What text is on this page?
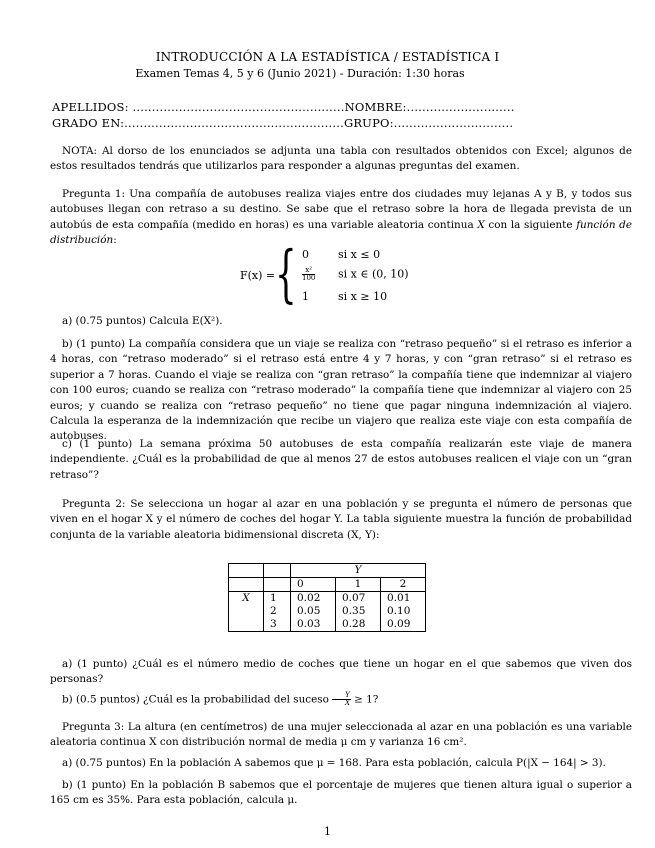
INTRODUCCIÓN A LA ESTADÍSTICA / ESTADÍSTICA I
Examen Temas 4, 5 y 6 (Junio 2021) - Duración: 1:30 horas
APELLIDOS: .......................................................NOMBRE:............................
GRADO EN:.........................................................GRUPO:...............................
NOTA: Al dorso de los enunciados se adjunta una tabla con resultados obtenidos con Excel; algunos de estos resultados tendrás que utilizarlos para responder a algunas preguntas del examen.
Pregunta 1: Una compañía de autobuses realiza viajes entre dos ciudades muy lejanas A y B, y todos sus autobuses llegan con retraso a su destino. Se sabe que el retraso sobre la hora de llegada prevista de un autobús de esta compañía (medido en horas) es una variable aleatoria continua X con la siguiente función de distribución:
F(x) = { 0	si x ≤ 0
$\frac{\text{x²}}{100}$ si x ∈ (0, 10)
1	si x ≥ 10
a) (0.75 puntos) Calcula E(X²).
b) (1 punto) La compañía considera que un viaje se realiza con “retraso pequeño” si el retraso es inferior a 4 horas, con “retraso moderado” si el retraso está entre 4 y 7 horas, y con “gran retraso” si el retraso es superior a 7 horas. Cuando el viaje se realiza con “gran retraso” la compañía tiene que indemnizar al viajero con 100 euros; cuando se realiza con “retraso moderado” la compañía tiene que indemnizar al viajero con 25 euros; y cuando se realiza con “retraso pequeño” no tiene que pagar ninguna indemnización al viajero. Calcula la esperanza de la indemnización que recibe un viajero que realiza este viaje con esta compañía de autobuses.
c) (1 punto) La semana próxima 50 autobuses de esta compañía realizarán este viaje de manera independiente. ¿Cuál es la probabilidad de que al menos 27 de estos autobuses realicen el viaje con un “gran retraso”?
Pregunta 2: Se selecciona un hogar al azar en una población y se pregunta el número de personas que viven en el hogar X y el número de coches del hogar Y. La tabla siguiente muestra la función de probabilidad conjunta de la variable aleatoria bidimensional discreta (X, Y):
		Y		
		0	1	2
X	1	0.02	0.07	0.01
	2	0.05	0.35	0.10
	3	0.03	0.28	0.09
a) (1 punto) ¿Cuál es el número medio de coches que tiene un hogar en el que sabemos que viven dos personas?
b) (0.5 puntos) ¿Cuál es la probabilidad del suceso $\frac{Y}{X} \ge 1$?
Pregunta 3: La altura (en centímetros) de una mujer seleccionada al azar en una población es una variable aleatoria continua X con distribución normal de media μ cm y varianza 16 cm².
a) (0.75 puntos) En la población A sabemos que μ = 168. Para esta población, calcula P(|X − 164| > 3).
b) (1 punto) En la población B sabemos que el porcentaje de mujeres que tienen altura igual o superior a 165 cm es 35%. Para esta población, calcula μ.
1
